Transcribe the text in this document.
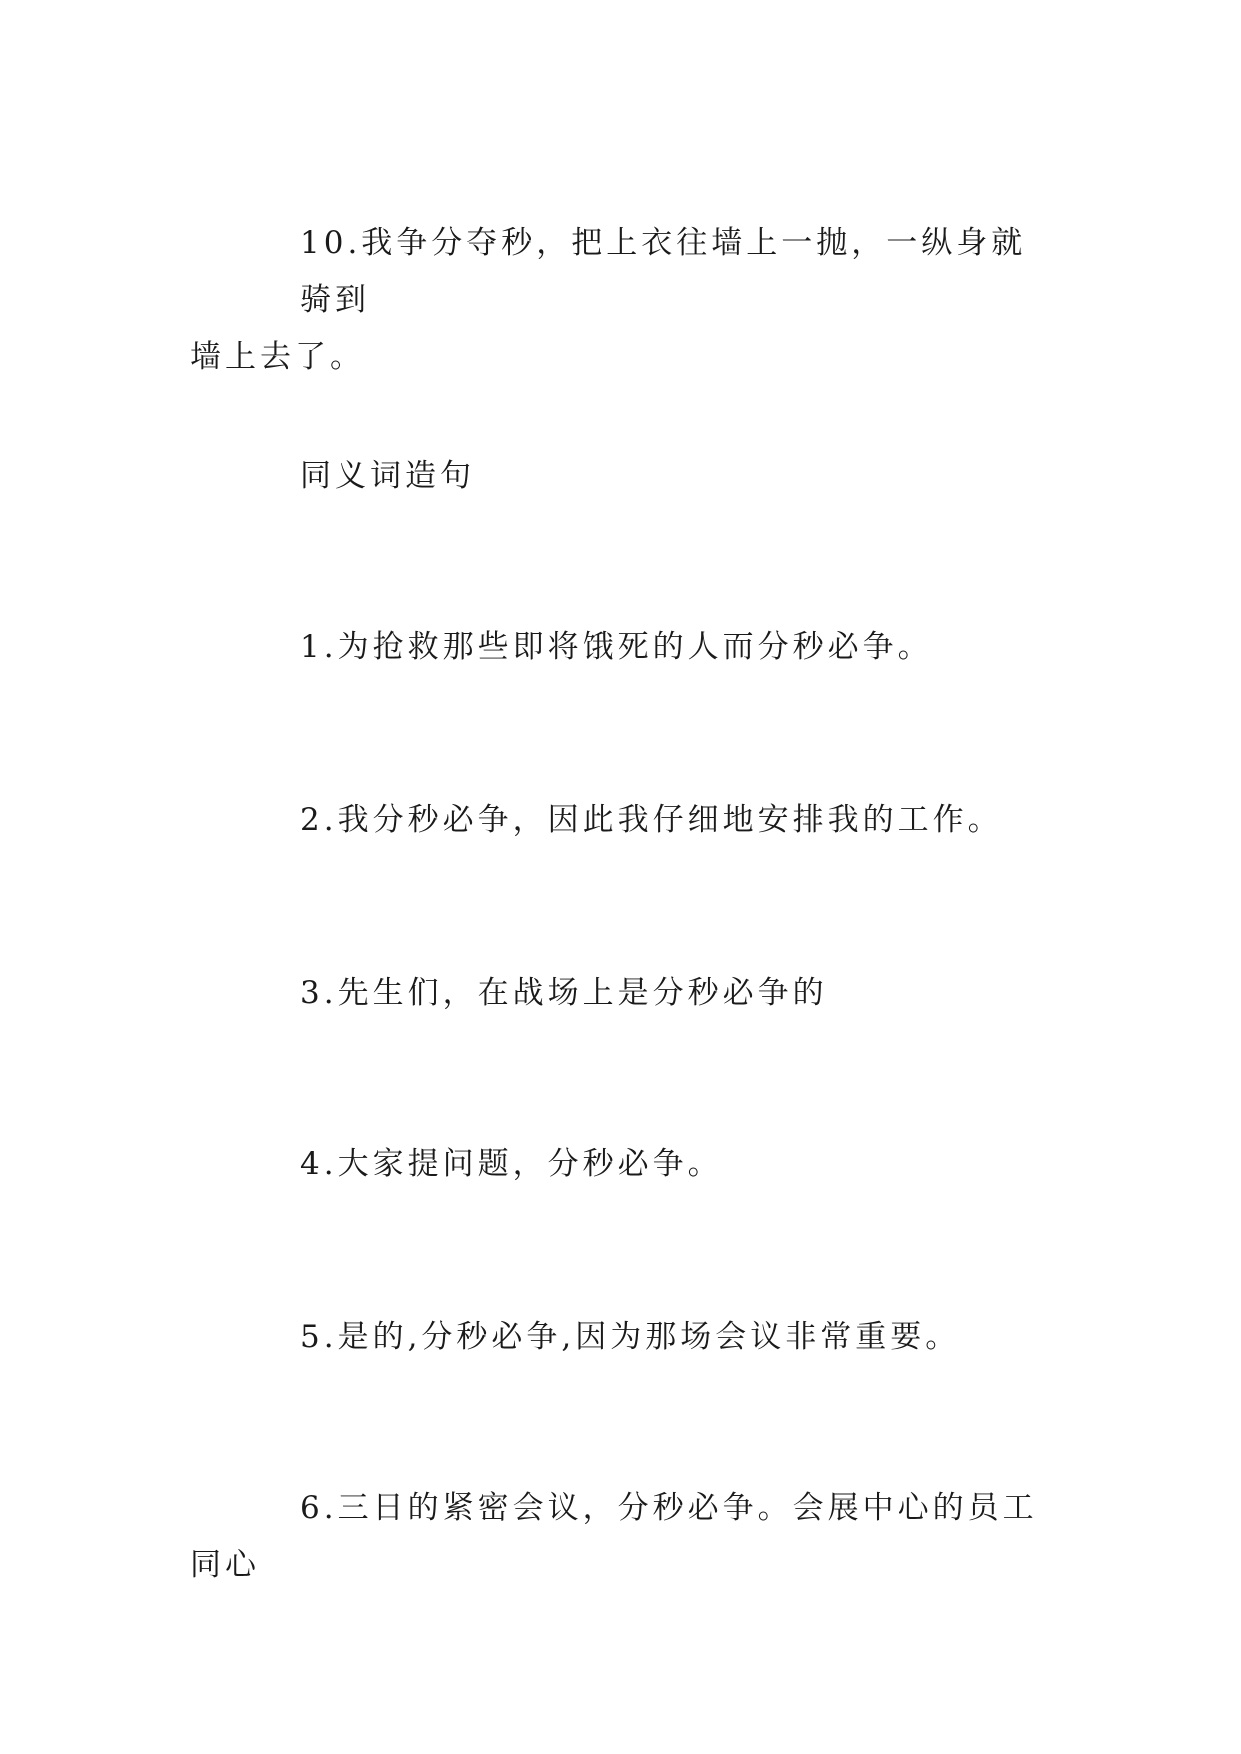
10.我争分夺秒，把上衣往墙上一抛，一纵身就骑到
墙上去了。

同义词造句

1.为抢救那些即将饿死的人而分秒必争。

2.我分秒必争，因此我仔细地安排我的工作。

3.先生们，在战场上是分秒必争的

4.大家提问题，分秒必争。

5.是的,分秒必争,因为那场会议非常重要。

6.三日的紧密会议，分秒必争。会展中心的员工同心
